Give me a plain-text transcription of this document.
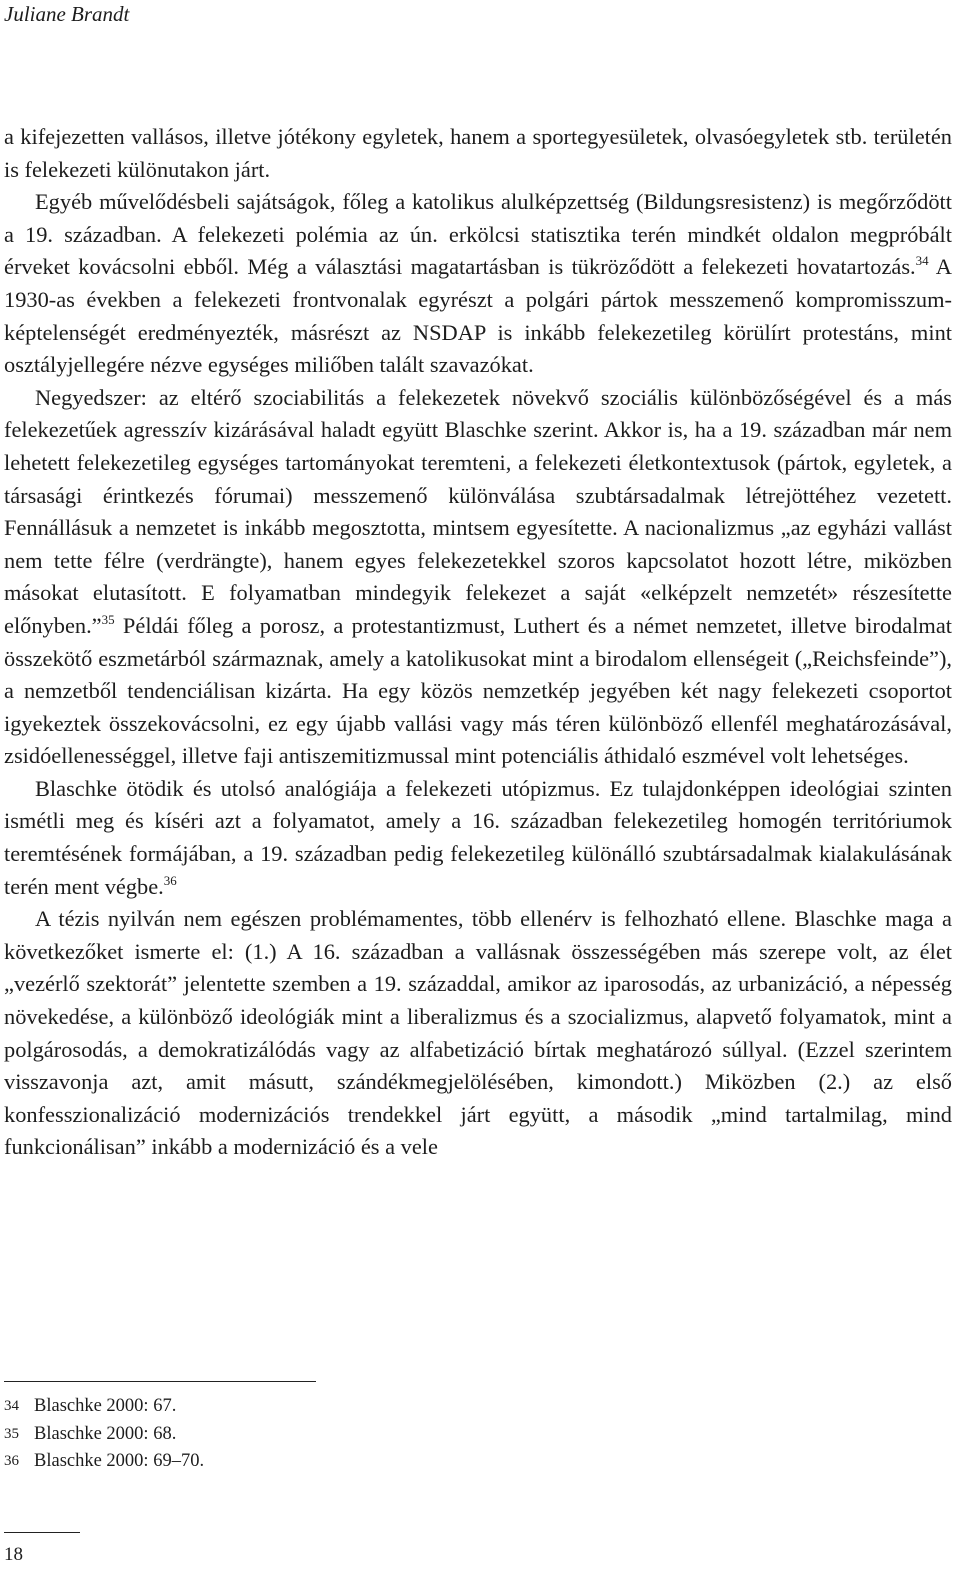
Juliane Brandt

a kifejezetten vallásos, illetve jótékony egyletek, hanem a sportegyesületek, olvasóegyletek stb. területén is felekezeti különutakon járt.

Egyéb művelődésbeli sajátságok, főleg a katolikus alulképzettség (Bildungsresistenz) is megőrződött a 19. században. A felekezeti polémia az ún. erkölcsi statisztika terén mindkét oldalon megpróbált érveket kovácsolni ebből. Még a választási magatartásban is tükröződött a felekezeti hovatartozás.$^{34}$ A 1930-as években a felekezeti frontvonalak egyrészt a polgári pártok messzemenő kompromisszum-képtelenségét eredményezték, másrészt az NSDAP is inkább felekezetileg körülírt protestáns, mint osztályjellegére nézve egységes miliőben talált szavazókat.

Negyedszer: az eltérő szociabilitás a felekezetek növekvő szociális különbözőségével és a más felekezetűek agresszív kizárásával haladt együtt Blaschke szerint. Akkor is, ha a 19. században már nem lehetett felekezetileg egységes tartományokat teremteni, a felekezeti életkontextusok (pártok, egyletek, a társasági érintkezés fórumai) messzemenő különválása szubtársadalmak létrejöttéhez vezetett. Fennállásuk a nemzetet is inkább megosztotta, mintsem egyesítette. A nacionalizmus „az egyházi vallást nem tette félre (verdrängte), hanem egyes felekezetekkel szoros kapcsolatot hozott létre, miközben másokat elutasított. E folyamatban mindegyik felekezet a saját «elképzelt nemzetét» részesítette előnyben.”$^{35}$ Példái főleg a porosz, a protestantizmust, Luthert és a német nemzetet, illetve birodalmat összekötő eszmetárból származnak, amely a katolikusokat mint a birodalom ellenségeit („Reichsfeinde”), a nemzetből tendenciálisan kizárta. Ha egy közös nemzetkép jegyében két nagy felekezeti csoportot igyekeztek összekovácsolni, ez egy újabb vallási vagy más téren különböző ellenfél meghatározásával, zsidóellenességgel, illetve faji antiszemitizmussal mint potenciális áthidaló eszmével volt lehetséges.

Blaschke ötödik és utolsó analógiája a felekezeti utópizmus. Ez tulajdonképpen ideológiai szinten ismétli meg és kíséri azt a folyamatot, amely a 16. században felekezetileg homogén territóriumok teremtésének formájában, a 19. században pedig felekezetileg különálló szubtársadalmak kialakulásának terén ment végbe.$^{36}$

A tézis nyilván nem egészen problémamentes, több ellenérv is felhozható ellene. Blaschke maga a következőket ismerte el: (1.) A 16. században a vallásnak összességében más szerepe volt, az élet „vezérlő szektorát” jelentette szemben a 19. századdal, amikor az iparosodás, az urbanizáció, a népesség növekedése, a különböző ideológiák mint a liberalizmus és a szocializmus, alapvető folyamatok, mint a polgárosodás, a demokratizálódás vagy az alfabetizáció bírtak meghatározó súllyal. (Ezzel szerintem visszavonja azt, amit másutt, szándékmegjelölésében, kimondott.) Miközben (2.) az első konfesszionalizáció modernizációs trendekkel járt együtt, a második „mind tartalmilag, mind funkcionálisan” inkább a modernizáció és a vele

34 Blaschke 2000: 67.
35 Blaschke 2000: 68.
36 Blaschke 2000: 69–70.
18
